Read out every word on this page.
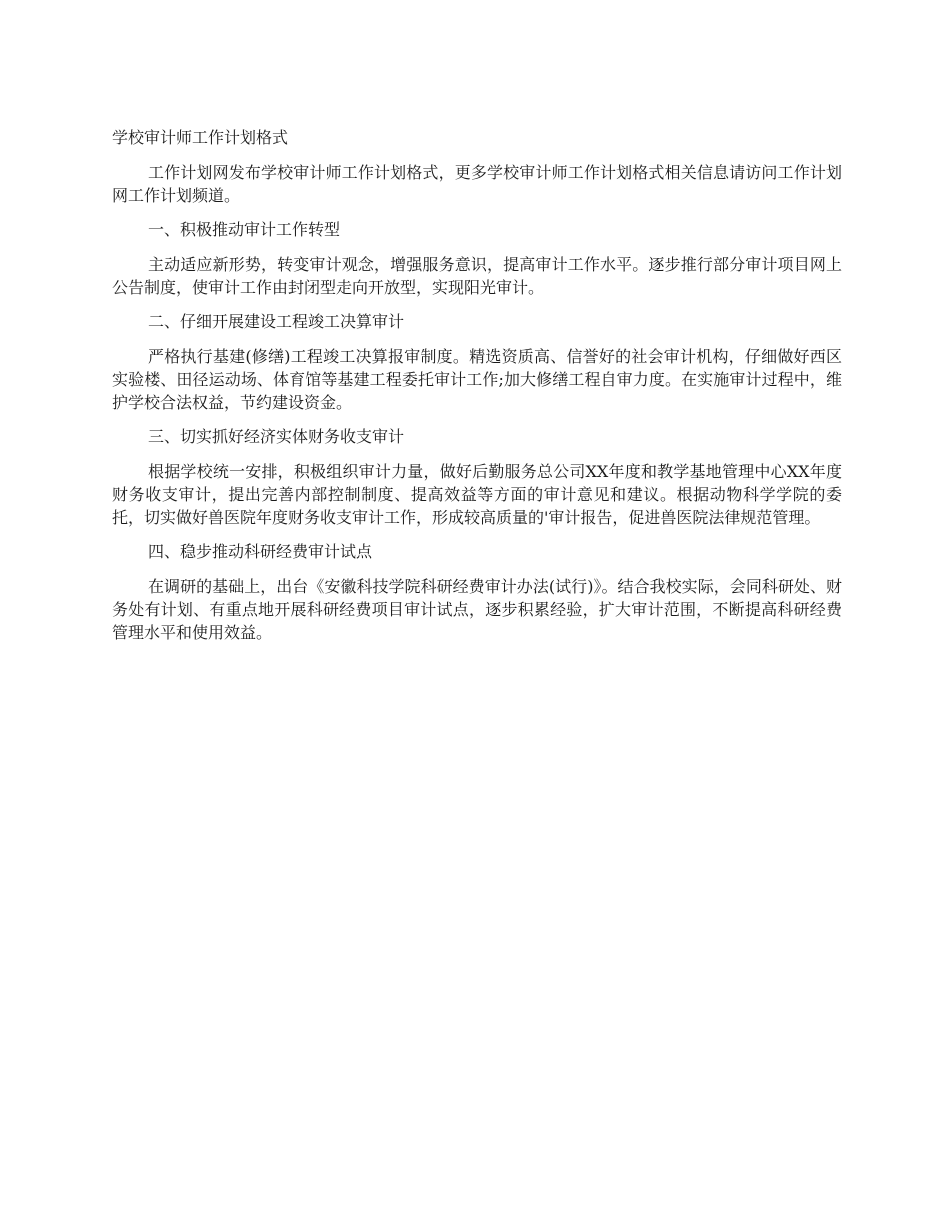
学校审计师工作计划格式

工作计划网发布学校审计师工作计划格式，更多学校审计师工作计划格式相关信息请访问工作计划网工作计划频道。

一、积极推动审计工作转型

主动适应新形势，转变审计观念，增强服务意识，提高审计工作水平。逐步推行部分审计项目网上公告制度，使审计工作由封闭型走向开放型，实现阳光审计。

二、仔细开展建设工程竣工决算审计

严格执行基建(修缮)工程竣工决算报审制度。精选资质高、信誉好的社会审计机构，仔细做好西区实验楼、田径运动场、体育馆等基建工程委托审计工作;加大修缮工程自审力度。在实施审计过程中，维护学校合法权益，节约建设资金。

三、切实抓好经济实体财务收支审计

根据学校统一安排，积极组织审计力量，做好后勤服务总公司XX年度和教学基地管理中心XX年度财务收支审计，提出完善内部控制制度、提高效益等方面的审计意见和建议。根据动物科学学院的委托，切实做好兽医院年度财务收支审计工作，形成较高质量的'审计报告，促进兽医院法律规范管理。

四、稳步推动科研经费审计试点

在调研的基础上，出台《安徽科技学院科研经费审计办法(试行)》。结合我校实际，会同科研处、财务处有计划、有重点地开展科研经费项目审计试点，逐步积累经验，扩大审计范围，不断提高科研经费管理水平和使用效益。
